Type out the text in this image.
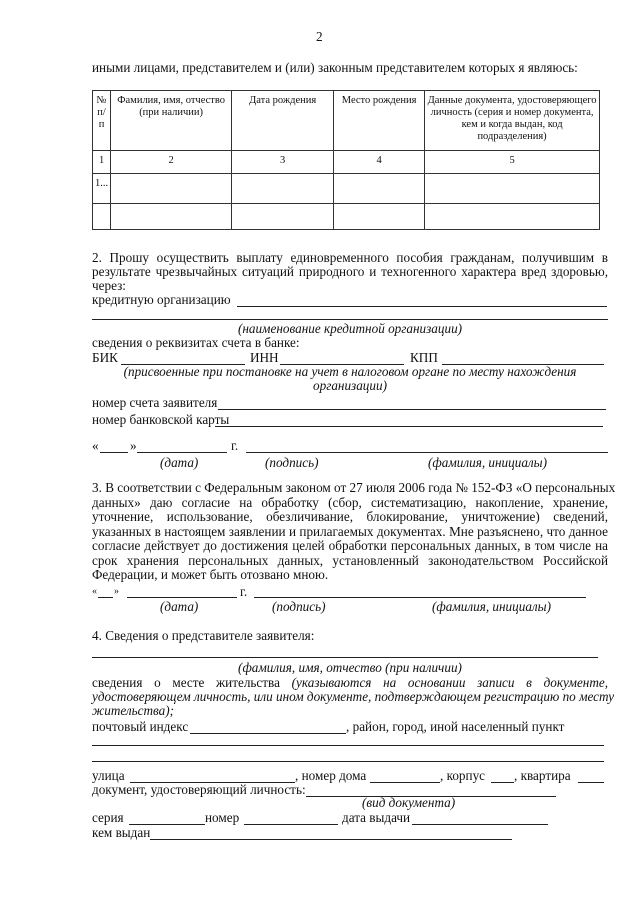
2
иными лицами, представителем и (или) законным представителем которых я являюсь:
№ п/п	Фамилия, имя, отчество (при наличии)	Дата рождения	Место рождения	Данные документа, удостоверяющего личность (серия и номер документа, кем и когда выдан, код подразделения)
1	2	3	4	5
1...				

2. Прошу осуществить выплату единовременного пособия гражданам, получившим в
результате чрезвычайных ситуаций природного и техногенного характера вред здоровью,
через:
кредитную организацию
(наименование кредитной организации)
сведения о реквизитах счета в банке:
БИК	ИНН	КПП
(присвоенные при постановке на учет в налоговом органе по месту нахождения
организации)
номер счета заявителя
номер банковской карты
« »	г.
(дата)	(подпись)	(фамилия, инициалы)
3. В соответствии с Федеральным законом от 27 июля 2006 года № 152-ФЗ «О персональных
данных» даю согласие на обработку (сбор, систематизацию, накопление, хранение,
уточнение, использование, обезличивание, блокирование, уничтожение) сведений,
указанных в настоящем заявлении и прилагаемых документах. Мне разъяснено, что данное
согласие действует до достижения целей обработки персональных данных, в том числе на
срок хранения персональных данных, установленный законодательством Российской
Федерации, и может быть отозвано мною.
« »	г.
(дата)	(подпись)	(фамилия, инициалы)
4. Сведения о представителе заявителя:
(фамилия, имя, отчество (при наличии)
сведения о месте жительства (указываются на основании записи в документе,
удостоверяющем личность, или ином документе, подтверждающем регистрацию по месту
жительства);
почтовый индекс	, район, город, иной населенный пункт
улица	, номер дома	, корпус , квартира
документ, удостоверяющий личность:
(вид документа)
серия	номер	дата выдачи
кем выдан
